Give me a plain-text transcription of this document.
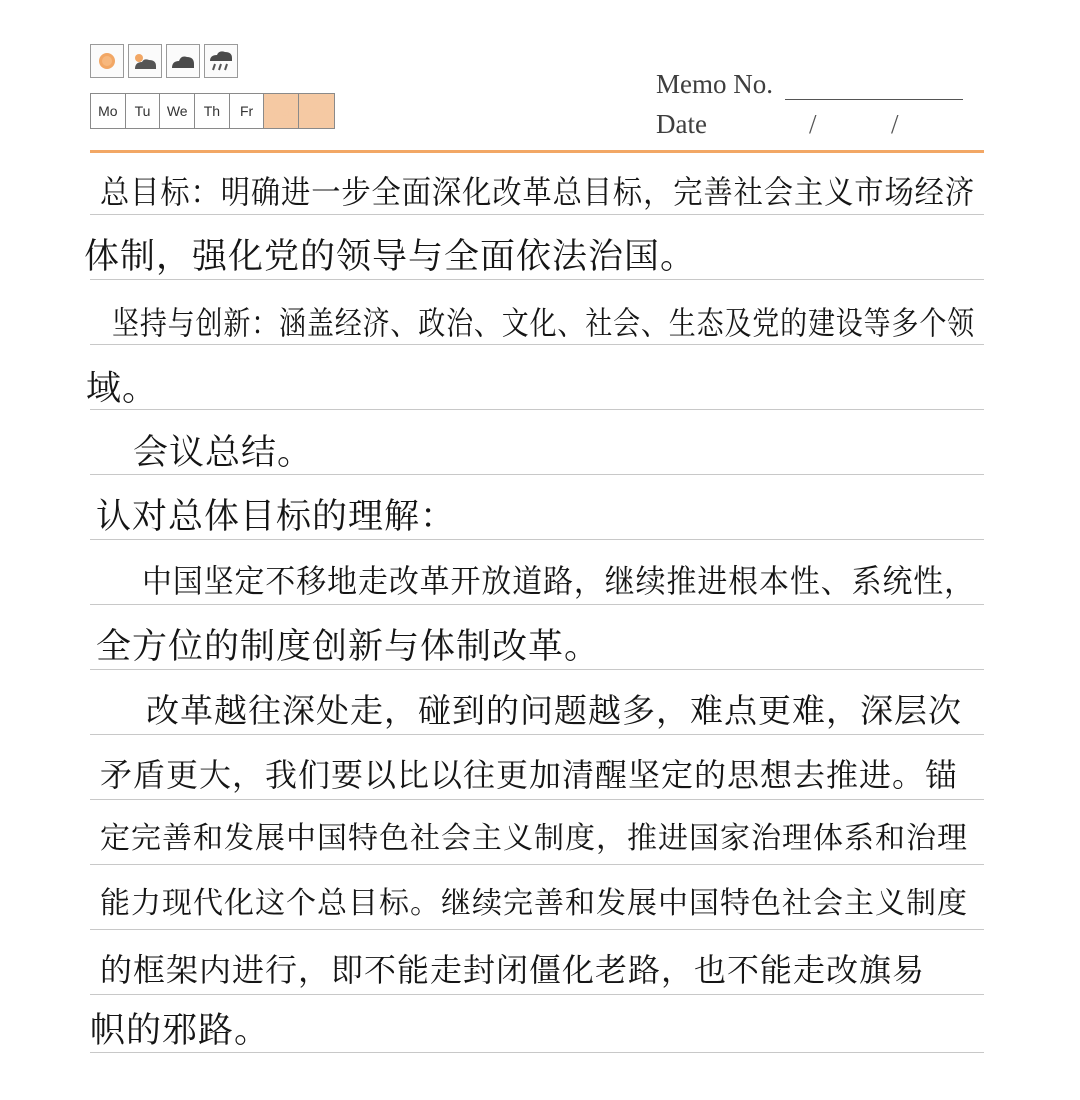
Mo	Tu	We	Th	Fr	Sa	Su
Memo No.
Date	/	/
总目标：明确进一步全面深化改革总目标，完善社会主义市场经济
体制，强化党的领导与全面依法治国。
坚持与创新：涵盖经济、政治、文化、社会、生态及党的建设等多个领
域。
会议总结。
认对总体目标的理解：
中国坚定不移地走改革开放道路，继续推进根本性、系统性，
全方位的制度创新与体制改革。
改革越往深处走，碰到的问题越多，难点更难，深层次
矛盾更大，我们要以比以往更加清醒坚定的思想去推进。锚
定完善和发展中国特色社会主义制度，推进国家治理体系和治理
能力现代化这个总目标。继续完善和发展中国特色社会主义制度
的框架内进行，即不能走封闭僵化老路，也不能走改旗易
帜的邪路。
